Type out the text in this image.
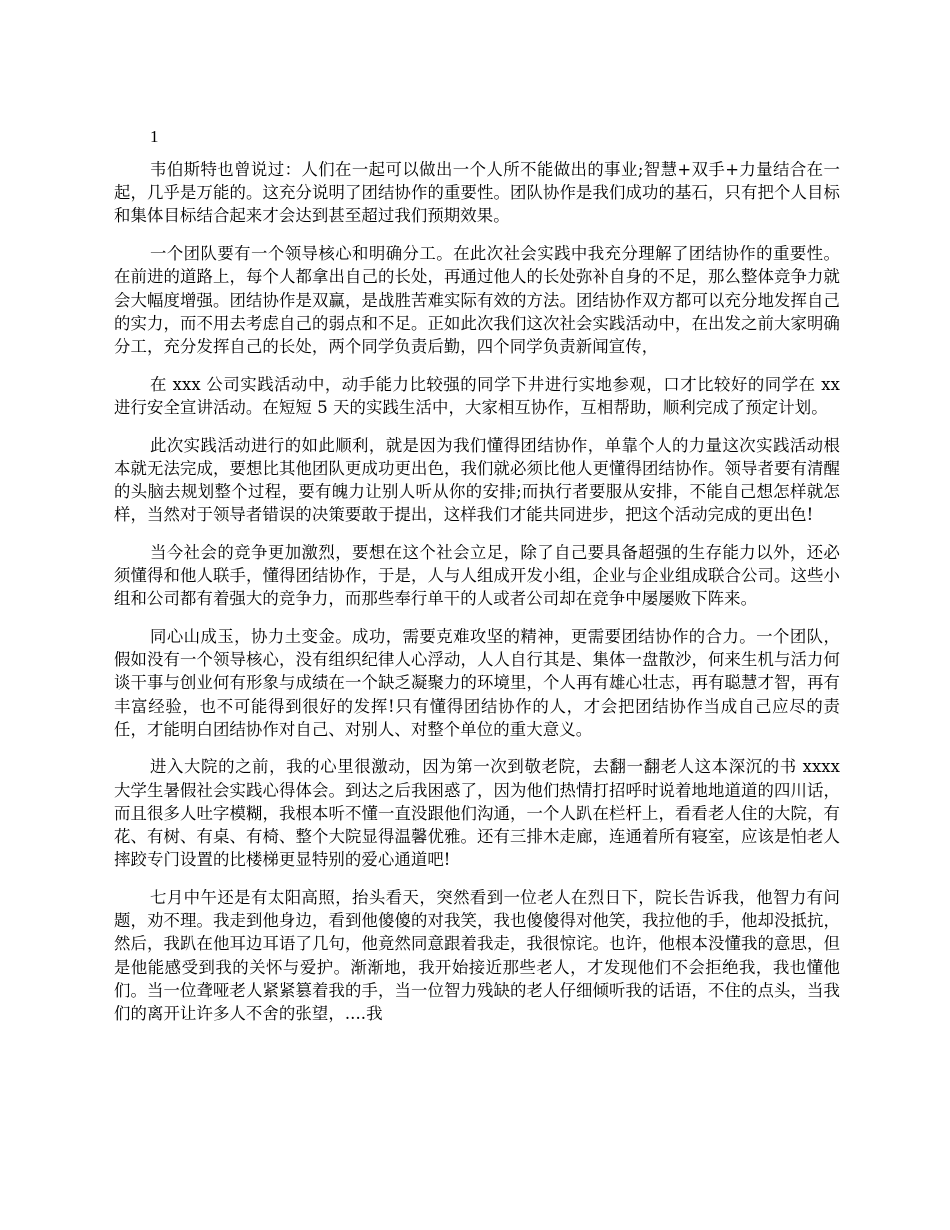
1

韦伯斯特也曾说过：人们在一起可以做出一个人所不能做出的事业;智慧+双手+力量结合在一起，几乎是万能的。这充分说明了团结协作的重要性。团队协作是我们成功的基石，只有把个人目标和集体目标结合起来才会达到甚至超过我们预期效果。

一个团队要有一个领导核心和明确分工。在此次社会实践中我充分理解了团结协作的重要性。在前进的道路上，每个人都拿出自己的长处，再通过他人的长处弥补自身的不足，那么整体竞争力就会大幅度增强。团结协作是双赢，是战胜苦难实际有效的方法。团结协作双方都可以充分地发挥自己的实力，而不用去考虑自己的弱点和不足。正如此次我们这次社会实践活动中，在出发之前大家明确分工，充分发挥自己的长处，两个同学负责后勤，四个同学负责新闻宣传，

在 xxx 公司实践活动中，动手能力比较强的同学下井进行实地参观，口才比较好的同学在 xx 进行安全宣讲活动。在短短 5 天的实践生活中，大家相互协作，互相帮助，顺利完成了预定计划。

此次实践活动进行的如此顺利，就是因为我们懂得团结协作，单靠个人的力量这次实践活动根本就无法完成，要想比其他团队更成功更出色，我们就必须比他人更懂得团结协作。领导者要有清醒的头脑去规划整个过程，要有魄力让别人听从你的安排;而执行者要服从安排，不能自己想怎样就怎样，当然对于领导者错误的决策要敢于提出，这样我们才能共同进步，把这个活动完成的更出色!

当今社会的竞争更加激烈，要想在这个社会立足，除了自己要具备超强的生存能力以外，还必须懂得和他人联手，懂得团结协作，于是，人与人组成开发小组，企业与企业组成联合公司。这些小组和公司都有着强大的竞争力，而那些奉行单干的人或者公司却在竞争中屡屡败下阵来。

同心山成玉，协力土变金。成功，需要克难攻坚的精神，更需要团结协作的合力。一个团队，假如没有一个领导核心，没有组织纪律人心浮动，人人自行其是、集体一盘散沙，何来生机与活力何谈干事与创业何有形象与成绩在一个缺乏凝聚力的环境里，个人再有雄心壮志，再有聪慧才智，再有丰富经验，也不可能得到很好的发挥!只有懂得团结协作的人，才会把团结协作当成自己应尽的责任，才能明白团结协作对自己、对别人、对整个单位的重大意义。

进入大院的之前，我的心里很激动，因为第一次到敬老院，去翻一翻老人这本深沉的书 xxxx 大学生暑假社会实践心得体会。到达之后我困惑了，因为他们热情打招呼时说着地地道道的四川话，而且很多人吐字模糊，我根本听不懂一直没跟他们沟通，一个人趴在栏杆上，看看老人住的大院，有花、有树、有桌、有椅、整个大院显得温馨优雅。还有三排木走廊，连通着所有寝室，应该是怕老人摔跤专门设置的比楼梯更显特别的爱心通道吧!

七月中午还是有太阳高照，抬头看天，突然看到一位老人在烈日下，院长告诉我，他智力有问题，劝不理。我走到他身边，看到他傻傻的对我笑，我也傻傻得对他笑，我拉他的手，他却没抵抗，然后，我趴在他耳边耳语了几句，他竟然同意跟着我走，我很惊诧。也许，他根本没懂我的意思，但是他能感受到我的关怀与爱护。渐渐地，我开始接近那些老人，才发现他们不会拒绝我，我也懂他们。当一位聋哑老人紧紧篡着我的手，当一位智力残缺的老人仔细倾听我的话语，不住的点头，当我们的离开让许多人不舍的张望，....我
